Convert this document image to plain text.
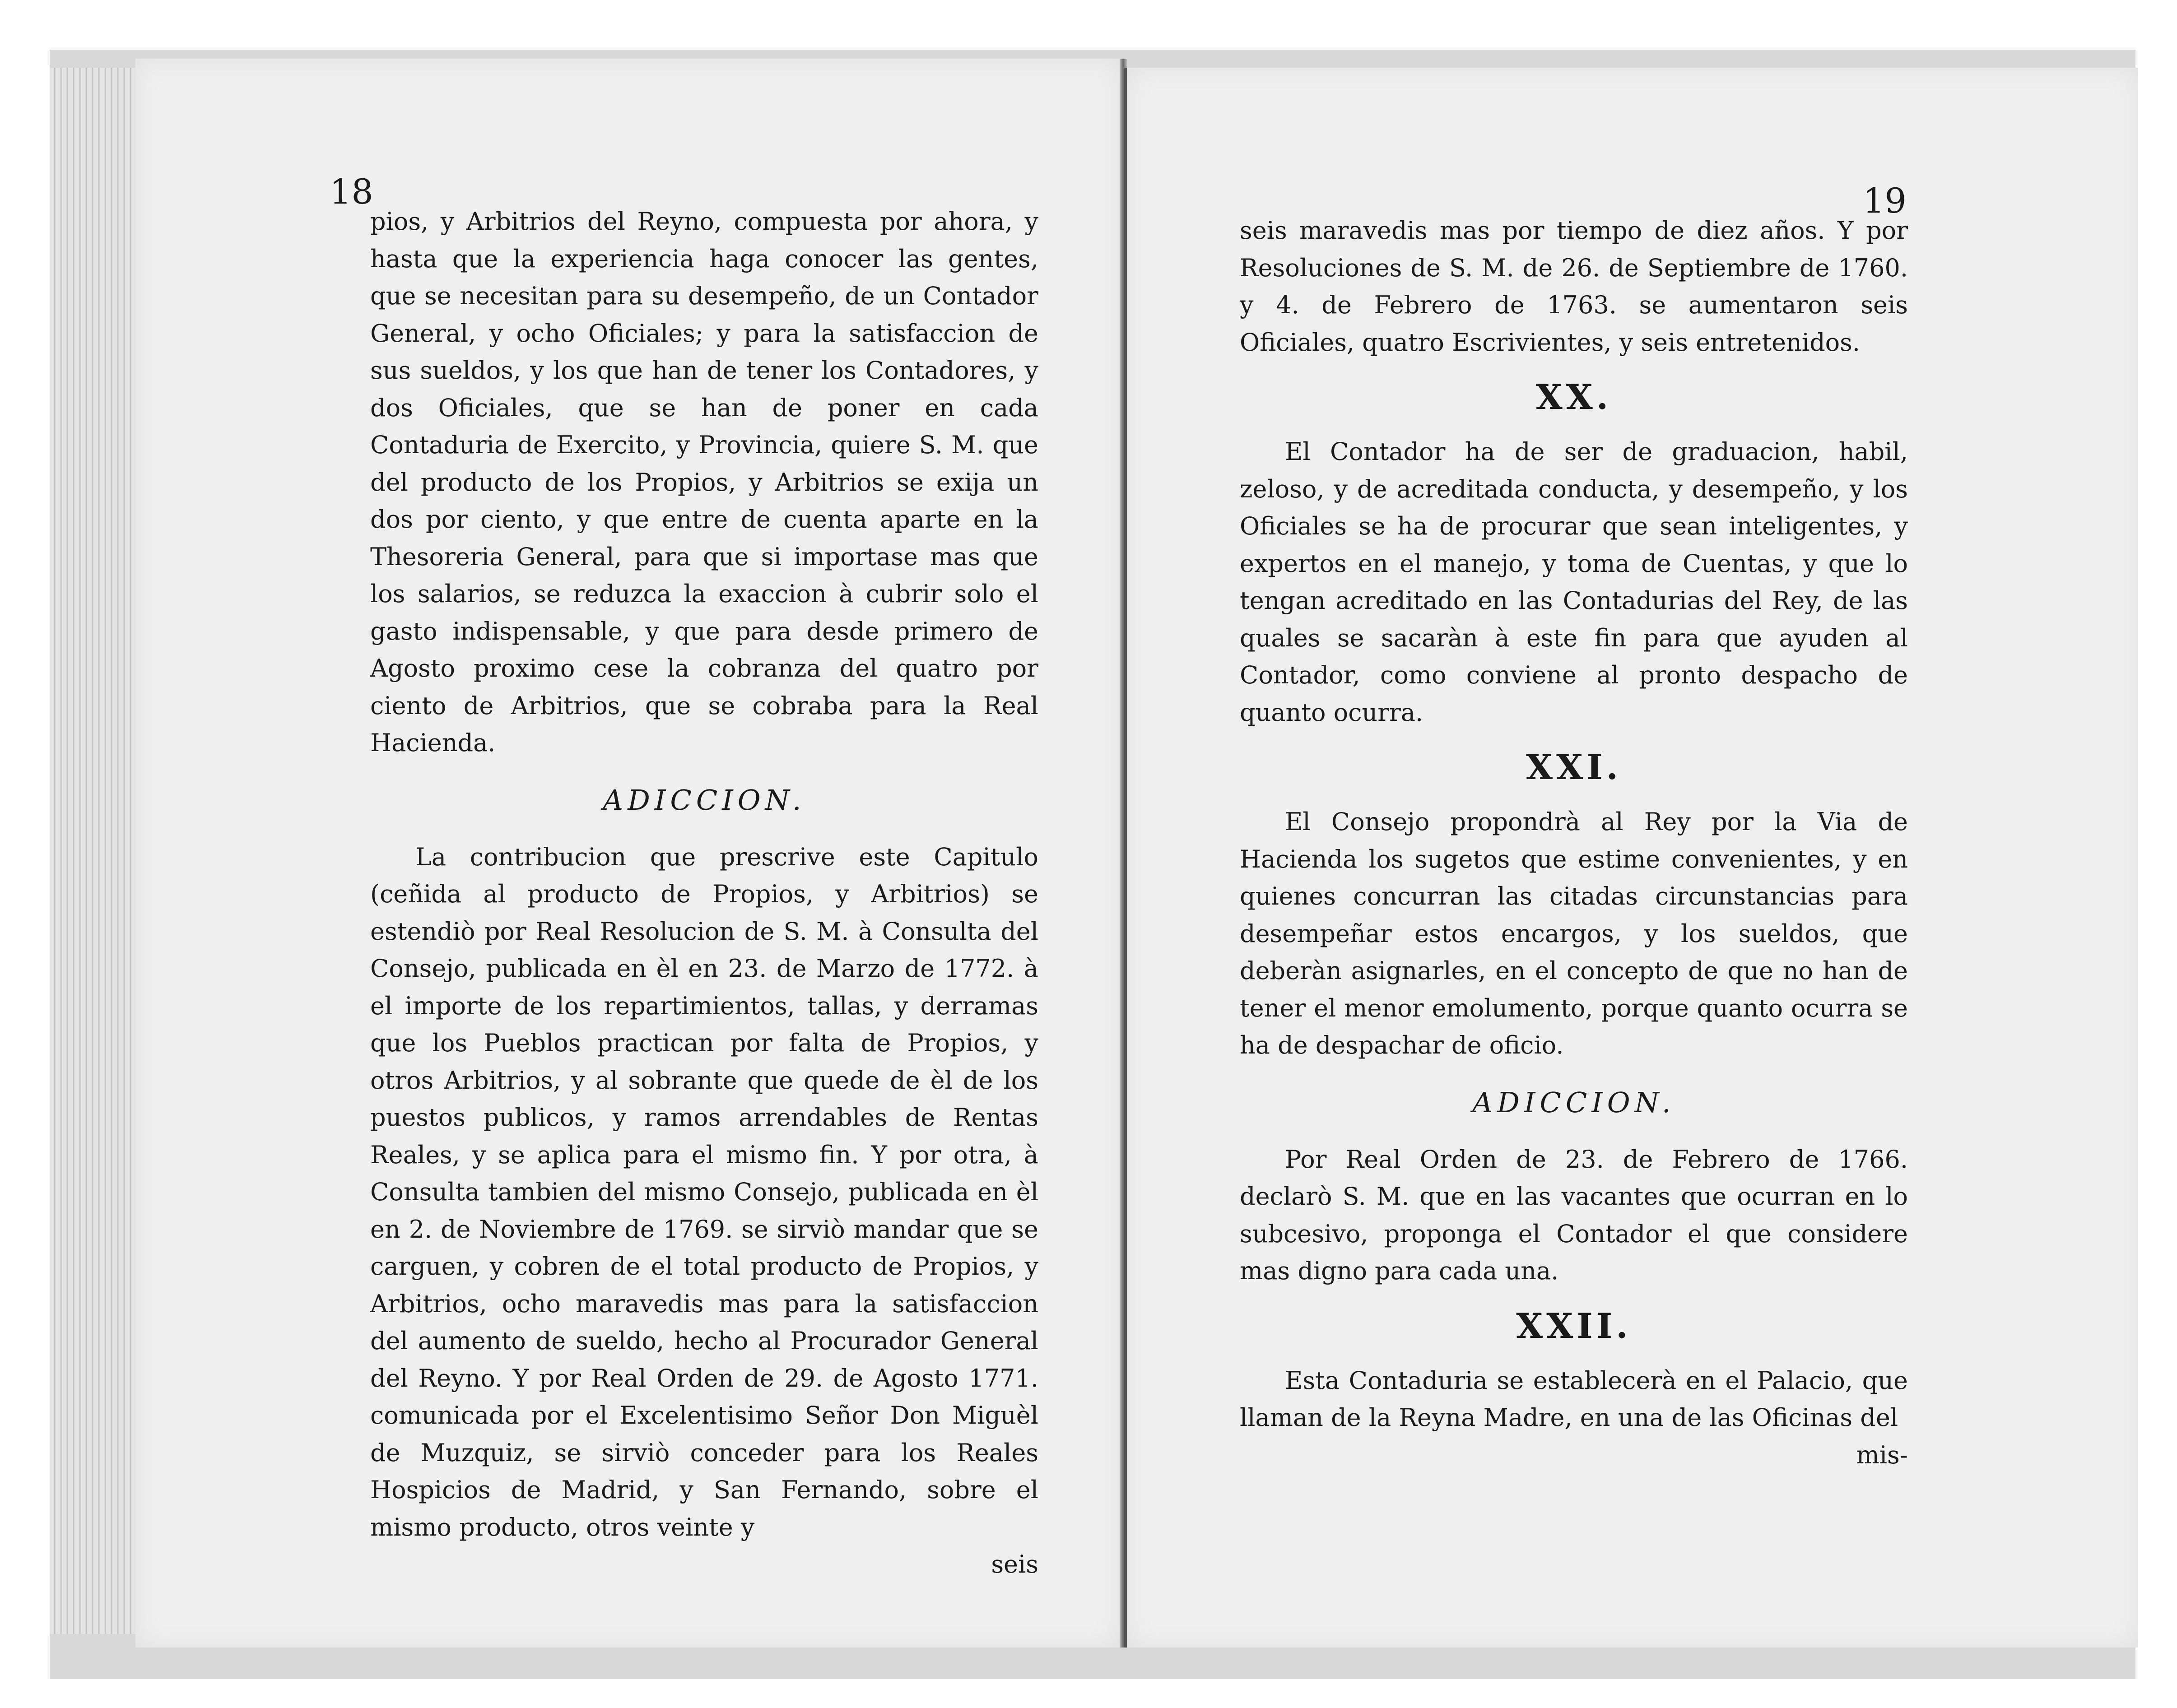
18

pios, y Arbitrios del Reyno, compuesta por ahora, y hasta que la experiencia haga conocer las gentes, que se necesitan para su desempeño, de un Contador General, y ocho Oficiales; y para la satisfaccion de sus sueldos, y los que han de tener los Contadores, y dos Oficiales, que se han de poner en cada Contaduria de Exercito, y Provincia, quiere S. M. que del producto de los Propios, y Arbitrios se exija un dos por ciento, y que entre de cuenta aparte en la Thesoreria General, para que si importase mas que los salarios, se reduzca la exaccion à cubrir solo el gasto indispensable, y que para desde primero de Agosto proximo cese la cobranza del quatro por ciento de Arbitrios, que se cobraba para la Real Hacienda.

ADICCION.

La contribucion que prescrive este Capitulo (ceñida al producto de Propios, y Arbitrios) se estendiò por Real Resolucion de S. M. à Consulta del Consejo, publicada en èl en 23. de Marzo de 1772. à el importe de los repartimientos, tallas, y derramas que los Pueblos practican por falta de Propios, y otros Arbitrios, y al sobrante que quede de èl de los puestos publicos, y ramos arrendables de Rentas Reales, y se aplica para el mismo fin. Y por otra, à Consulta tambien del mismo Consejo, publicada en èl en 2. de Noviembre de 1769. se sirviò mandar que se carguen, y cobren de el total producto de Propios, y Arbitrios, ocho maravedis mas para la satisfaccion del aumento de sueldo, hecho al Procurador General del Reyno. Y por Real Orden de 29. de Agosto 1771. comunicada por el Excelentisimo Señor Don Miguèl de Muzquiz, se sirviò conceder para los Reales Hospicios de Madrid, y San Fernando, sobre el mismo producto, otros veinte y

seis

19

seis maravedis mas por tiempo de diez años. Y por Resoluciones de S. M. de 26. de Septiembre de 1760. y 4. de Febrero de 1763. se aumentaron seis Oficiales, quatro Escrivientes, y seis entretenidos.

XX.

El Contador ha de ser de graduacion, habil, zeloso, y de acreditada conducta, y desempeño, y los Oficiales se ha de procurar que sean inteligentes, y expertos en el manejo, y toma de Cuentas, y que lo tengan acreditado en las Contadurias del Rey, de las quales se sacaràn à este fin para que ayuden al Contador, como conviene al pronto despacho de quanto ocurra.

XXI.

El Consejo propondrà al Rey por la Via de Hacienda los sugetos que estime convenientes, y en quienes concurran las citadas circunstancias para desempeñar estos encargos, y los sueldos, que deberàn asignarles, en el concepto de que no han de tener el menor emolumento, porque quanto ocurra se ha de despachar de oficio.

ADICCION.

Por Real Orden de 23. de Febrero de 1766. declarò S. M. que en las vacantes que ocurran en lo subcesivo, proponga el Contador el que considere mas digno para cada una.

XXII.

Esta Contaduria se establecerà en el Palacio, que llaman de la Reyna Madre, en una de las Oficinas del

mis-
